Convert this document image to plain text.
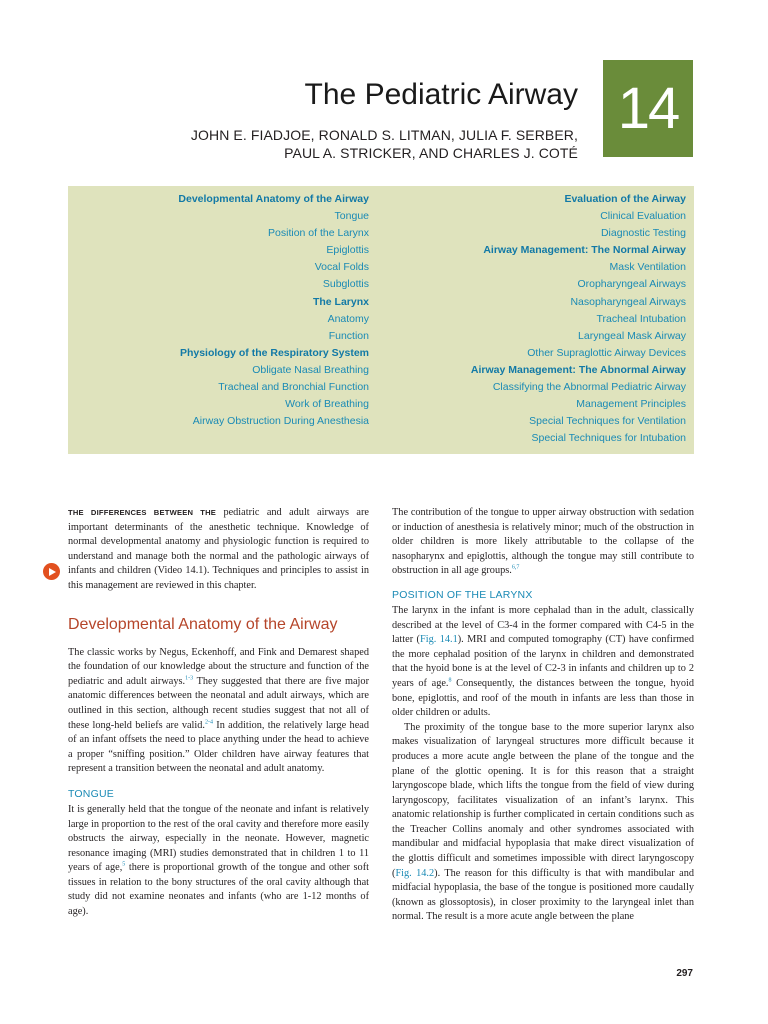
The Pediatric Airway
JOHN E. FIADJOE, RONALD S. LITMAN, JULIA F. SERBER,
PAUL A. STRICKER, AND CHARLES J. COTÉ
14
Developmental Anatomy of the Airway
Tongue
Position of the Larynx
Epiglottis
Vocal Folds
Subglottis
The Larynx
Anatomy
Function
Physiology of the Respiratory System
Obligate Nasal Breathing
Tracheal and Bronchial Function
Work of Breathing
Airway Obstruction During Anesthesia
Evaluation of the Airway
Clinical Evaluation
Diagnostic Testing
Airway Management: The Normal Airway
Mask Ventilation
Oropharyngeal Airways
Nasopharyngeal Airways
Tracheal Intubation
Laryngeal Mask Airway
Other Supraglottic Airway Devices
Airway Management: The Abnormal Airway
Classifying the Abnormal Pediatric Airway
Management Principles
Special Techniques for Ventilation
Special Techniques for Intubation

THE DIFFERENCES BETWEEN THE pediatric and adult airways are important determinants of the anesthetic technique. Knowledge of normal developmental anatomy and physiologic function is required to understand and manage both the normal and the pathologic airways of infants and children (Video 14.1). Techniques and principles to assist in this management are reviewed in this chapter.

Developmental Anatomy of the Airway

The classic works by Negus, Eckenhoff, and Fink and Demarest shaped the foundation of our knowledge about the structure and function of the pediatric and adult airways.$^{1-3}$ They suggested that there are five major anatomic differences between the neonatal and adult airways, which are outlined in this section, although recent studies suggest that not all of these long-held beliefs are valid.$^{2-4}$ In addition, the relatively large head of an infant offsets the need to place anything under the head to achieve a proper “sniffing position.” Older children have airway features that represent a transition between the neonatal and adult anatomy.

TONGUE

It is generally held that the tongue of the neonate and infant is relatively large in proportion to the rest of the oral cavity and therefore more easily obstructs the airway, especially in the neonate. However, magnetic resonance imaging (MRI) studies demonstrated that in children 1 to 11 years of age,$^5$ there is proportional growth of the tongue and other soft tissues in relation to the bony structures of the oral cavity although that study did not examine neonates and infants (who are 1-12 months of age).

The contribution of the tongue to upper airway obstruction with sedation or induction of anesthesia is relatively minor; much of the obstruction in older children is more likely attributable to the collapse of the nasopharynx and epiglottis, although the tongue may still contribute to obstruction in all age groups.$^{6,7}$

POSITION OF THE LARYNX

The larynx in the infant is more cephalad than in the adult, classically described at the level of C3-4 in the former compared with C4-5 in the latter (Fig. 14.1). MRI and computed tomography (CT) have confirmed the more cephalad position of the larynx in children and demonstrated that the hyoid bone is at the level of C2-3 in infants and children up to 2 years of age.$^8$ Consequently, the distances between the tongue, hyoid bone, epiglottis, and roof of the mouth in infants are less than those in older children or adults.

The proximity of the tongue base to the more superior larynx also makes visualization of laryngeal structures more difficult because it produces a more acute angle between the plane of the tongue and the plane of the glottic opening. It is for this reason that a straight laryngoscope blade, which lifts the tongue from the field of view during laryngoscopy, facilitates visualization of an infant’s larynx. This anatomic relationship is further complicated in certain conditions such as the Treacher Collins anomaly and other syndromes associated with mandibular and midfacial hypoplasia that make direct visualization of the glottis difficult and sometimes impossible with direct laryngoscopy (Fig. 14.2). The reason for this difficulty is that with mandibular and midfacial hypoplasia, the base of the tongue is positioned more caudally (known as glossoptosis), in closer proximity to the laryngeal inlet than normal. The result is a more acute angle between the plane

297
